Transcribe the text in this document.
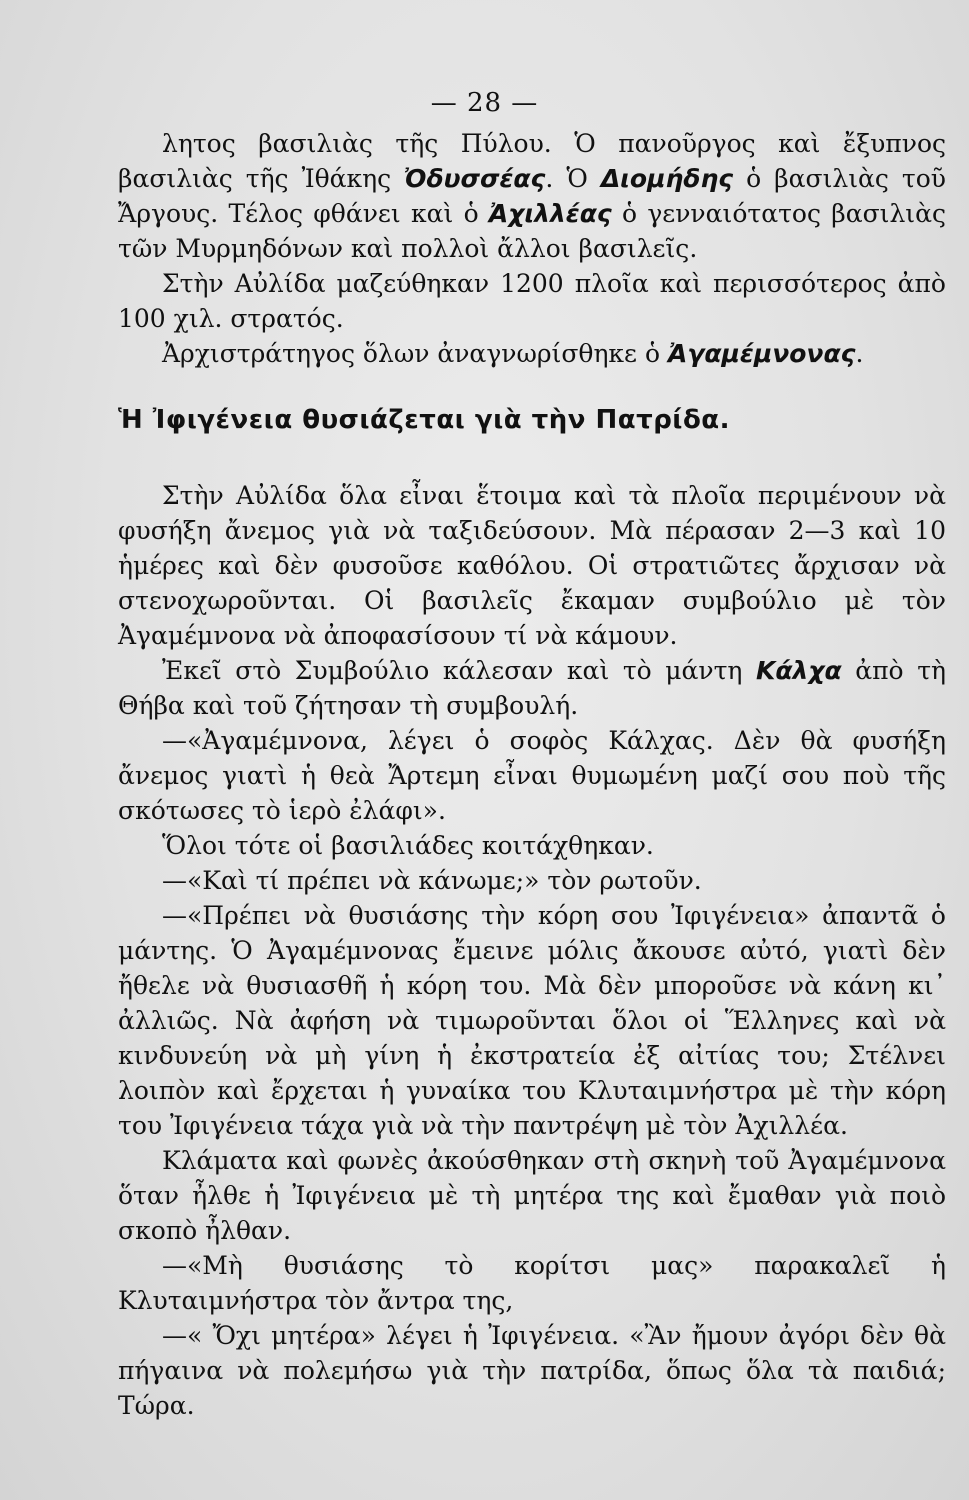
— 28 —

λητος βασιλιὰς τῆς Πύλου. Ὁ πανοῦργος καὶ ἔξυπνος βασιλιὰς τῆς Ἰθάκης Ὀδυσσέας. Ὁ Διομήδης ὁ βασιλιὰς τοῦ Ἄργους. Τέλος φθάνει καὶ ὁ Ἀχιλλέας ὁ γενναιότατος βασιλιὰς τῶν Μυρμηδόνων καὶ πολλοὶ ἄλλοι βασιλεῖς.

Στὴν Αὐλίδα μαζεύθηκαν 1200 πλοῖα καὶ περισσότερος ἀπὸ 100 χιλ. στρατός.

Ἀρχιστράτηγος ὅλων ἀναγνωρίσθηκε ὁ Ἀγαμέμνονας.

Ἡ Ἰφιγένεια θυσιάζεται γιὰ τὴν Πατρίδα.

Στὴν Αὐλίδα ὅλα εἶναι ἕτοιμα καὶ τὰ πλοῖα περιμένουν νὰ φυσήξη ἄνεμος γιὰ νὰ ταξιδεύσουν. Μὰ πέρασαν 2—3 καὶ 10 ἡμέρες καὶ δὲν φυσοῦσε καθόλου. Οἱ στρατιῶτες ἄρχισαν νὰ στενοχωροῦνται. Οἱ βασιλεῖς ἔκαμαν συμβούλιο μὲ τὸν Ἀγαμέμνονα νὰ ἀποφασίσουν τί νὰ κάμουν.

Ἐκεῖ στὸ Συμβούλιο κάλεσαν καὶ τὸ μάντη Κάλχα ἀπὸ τὴ Θήβα καὶ τοῦ ζήτησαν τὴ συμβουλή.

—«Ἀγαμέμνονα, λέγει ὁ σοφὸς Κάλχας. Δὲν θὰ φυσήξη ἄνεμος γιατὶ ἡ θεὰ Ἄρτεμη εἶναι θυμωμένη μαζί σου ποὺ τῆς σκότωσες τὸ ἱερὸ ἐλάφι».

Ὅλοι τότε οἱ βασιλιάδες κοιτάχθηκαν.

—«Καὶ τί πρέπει νὰ κάνωμε;» τὸν ρωτοῦν.

—«Πρέπει νὰ θυσιάσης τὴν κόρη σου Ἰφιγένεια» ἀπαντᾶ ὁ μάντης. Ὁ Ἀγαμέμνονας ἔμεινε μόλις ἄκουσε αὐτό, γιατὶ δὲν ἤθελε νὰ θυσιασθῆ ἡ κόρη του. Μὰ δὲν μποροῦσε νὰ κάνη κι᾿ ἀλλιῶς. Νὰ ἀφήση νὰ τιμωροῦνται ὅλοι οἱ Ἕλληνες καὶ νὰ κινδυνεύη νὰ μὴ γίνη ἡ ἐκστρατεία ἐξ αἰτίας του; Στέλνει λοιπὸν καὶ ἔρχεται ἡ γυναίκα του Κλυταιμνήστρα μὲ τὴν κόρη του Ἰφιγένεια τάχα γιὰ νὰ τὴν παντρέψη μὲ τὸν Ἀχιλλέα.

Κλάματα καὶ φωνὲς ἀκούσθηκαν στὴ σκηνὴ τοῦ Ἀγαμέμνονα ὅταν ἦλθε ἡ Ἰφιγένεια μὲ τὴ μητέρα της καὶ ἔμαθαν γιὰ ποιὸ σκοπὸ ἦλθαν.

—«Μὴ θυσιάσης τὸ κορίτσι μας» παρακαλεῖ ἡ Κλυταιμνήστρα τὸν ἄντρα της,

—« Ὄχι μητέρα» λέγει ἡ Ἰφιγένεια. «Ἂν ἤμουν ἀγόρι δὲν θὰ πήγαινα νὰ πολεμήσω γιὰ τὴν πατρίδα, ὅπως ὅλα τὰ παιδιά; Τώρα.
